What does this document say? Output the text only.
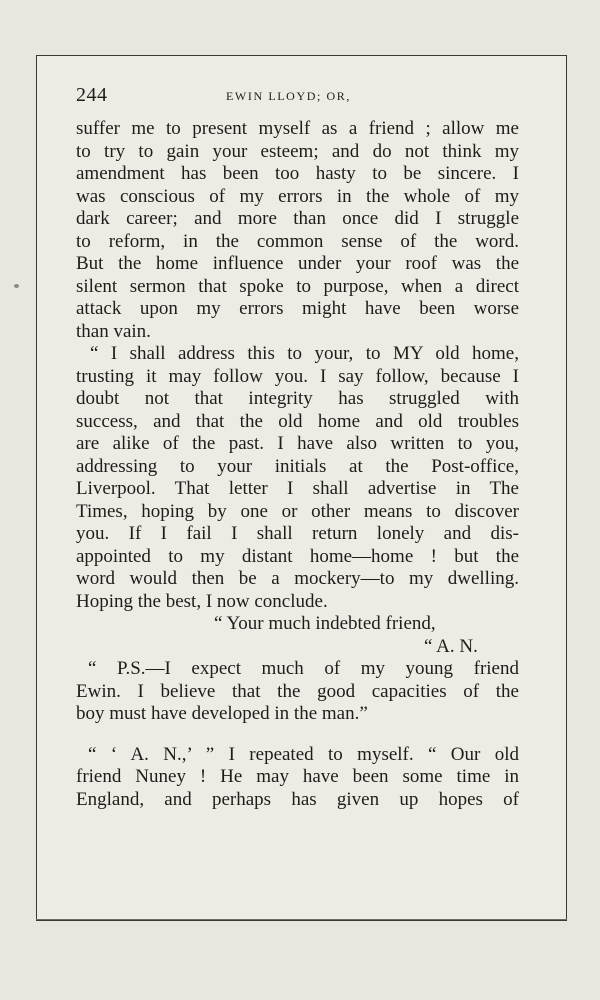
244	EWIN LLOYD; OR,
suffer me to present myself as a friend ; allow me
to try to gain your esteem; and do not think my
amendment has been too hasty to be sincere. I
was conscious of my errors in the whole of my
dark career; and more than once did I struggle
to reform, in the common sense of the word.
But the home influence under your roof was the
silent sermon that spoke to purpose, when a direct
attack upon my errors might have been worse
than vain.
“ I shall address this to your, to MY old home,
trusting it may follow you. I say follow, because I
doubt not that integrity has struggled with
success, and that the old home and old troubles
are alike of the past. I have also written to you,
addressing to your initials at the Post-office,
Liverpool. That letter I shall advertise in The
Times, hoping by one or other means to discover
you. If I fail I shall return lonely and dis-
appointed to my distant home—home ! but the
word would then be a mockery—to my dwelling.
Hoping the best, I now conclude.
“ Your much indebted friend,
“ A. N.
“ P.S.—I expect much of my young friend
Ewin. I believe that the good capacities of the
boy must have developed in the man.”
“ ‘ A. N.,’ ” I repeated to myself. “ Our old
friend Nuney ! He may have been some time in
England, and perhaps has given up hopes of
